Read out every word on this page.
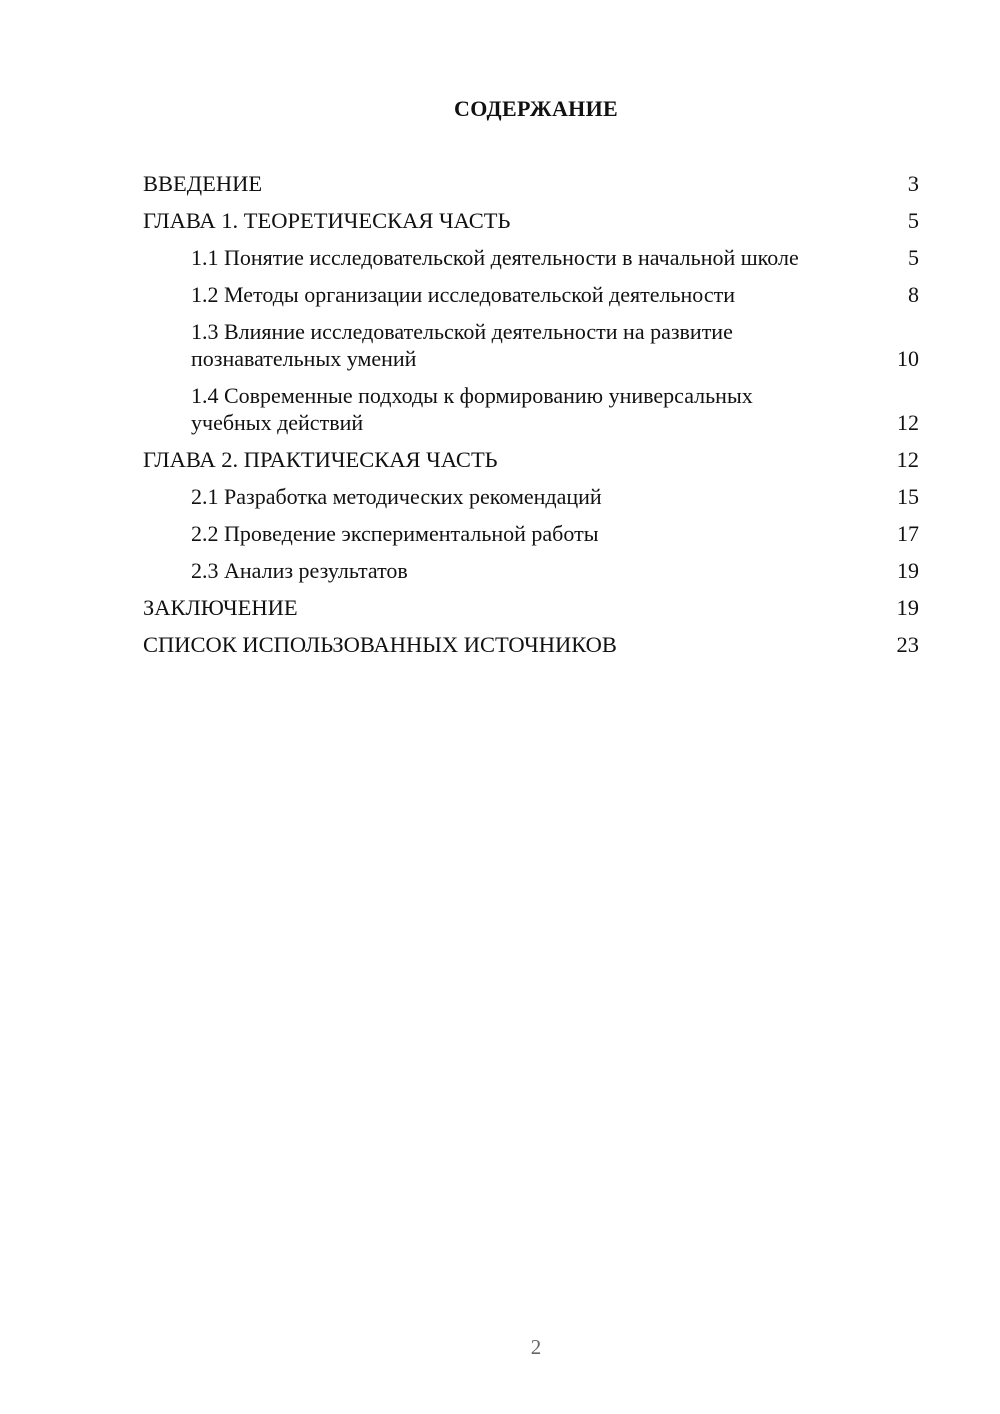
СОДЕРЖАНИЕ
ВВЕДЕНИЕ	3
ГЛАВА 1. ТЕОРЕТИЧЕСКАЯ ЧАСТЬ	5
1.1 Понятие исследовательской деятельности в начальной школе	5
1.2 Методы организации исследовательской деятельности	8
1.3 Влияние исследовательской деятельности на развитие познавательных умений	10
1.4 Современные подходы к формированию универсальных учебных действий	12
ГЛАВА 2. ПРАКТИЧЕСКАЯ ЧАСТЬ	12
2.1 Разработка методических рекомендаций	15
2.2 Проведение экспериментальной работы	17
2.3 Анализ результатов	19
ЗАКЛЮЧЕНИЕ	19
СПИСОК ИСПОЛЬЗОВАННЫХ ИСТОЧНИКОВ	23
2
